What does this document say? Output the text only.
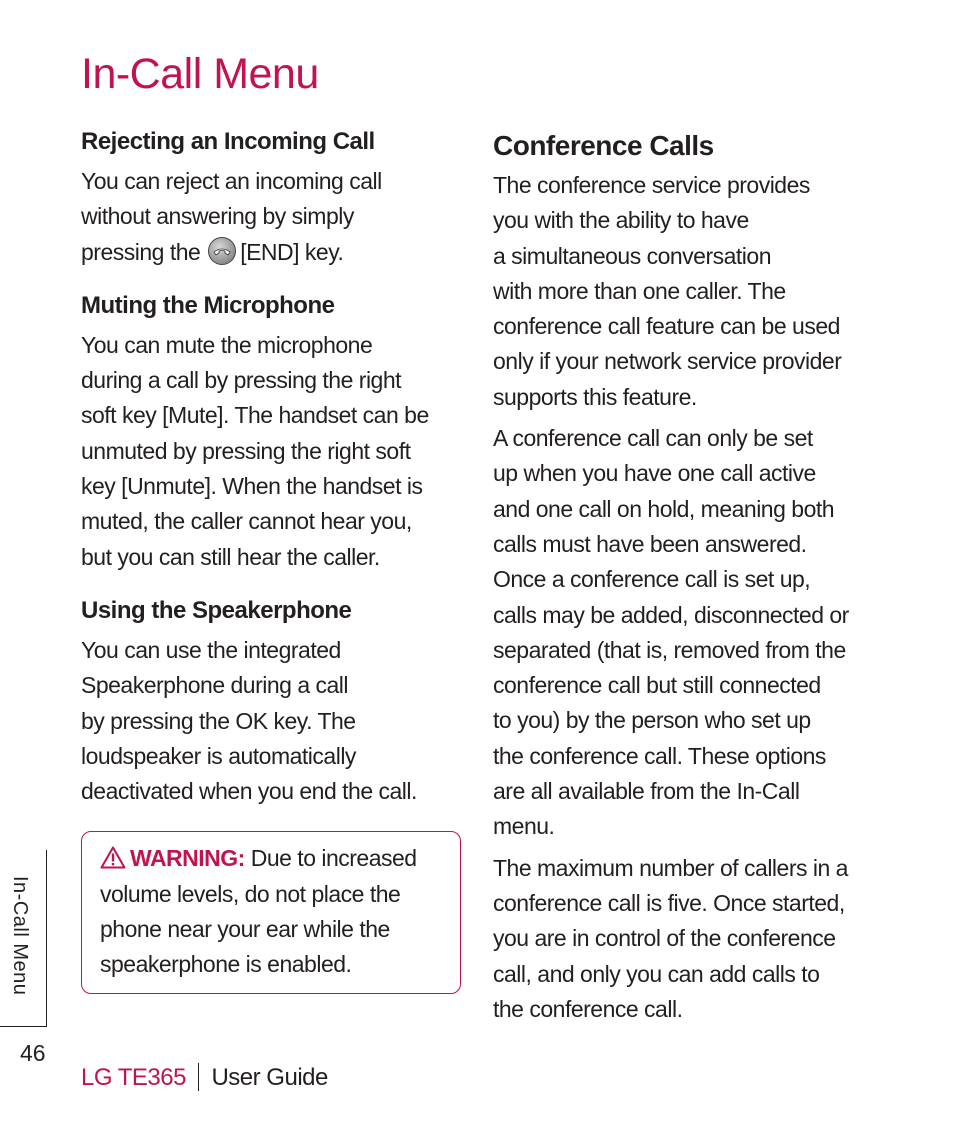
In-Call Menu
Rejecting an Incoming Call

You can reject an incoming call
without answering by simply
pressing the
[END] key.

Muting the Microphone

You can mute the microphone
during a call by pressing the right
soft key [Mute]. The handset can be
unmuted by pressing the right soft
key [Unmute]. When the handset is
muted, the caller cannot hear you,
but you can still hear the caller.

Using the Speakerphone

You can use the integrated
Speakerphone during a call
by pressing the OK key. The
loudspeaker is automatically
deactivated when you end the call.

WARNING: Due to increased
volume levels, do not place the
phone near your ear while the
speakerphone is enabled.

Conference Calls

The conference service provides
you with the ability to have
a simultaneous conversation
with more than one caller. The
conference call feature can be used
only if your network service provider
supports this feature.

A conference call can only be set
up when you have one call active
and one call on hold, meaning both
calls must have been answered.
Once a conference call is set up,
calls may be added, disconnected or
separated (that is, removed from the
conference call but still connected
to you) by the person who set up
the conference call. These options
are all available from the In-Call
menu.

The maximum number of callers in a
conference call is five. Once started,
you are in control of the conference
call, and only you can add calls to
the conference call.

In-Call Menu
46
LG TE365 User Guide
